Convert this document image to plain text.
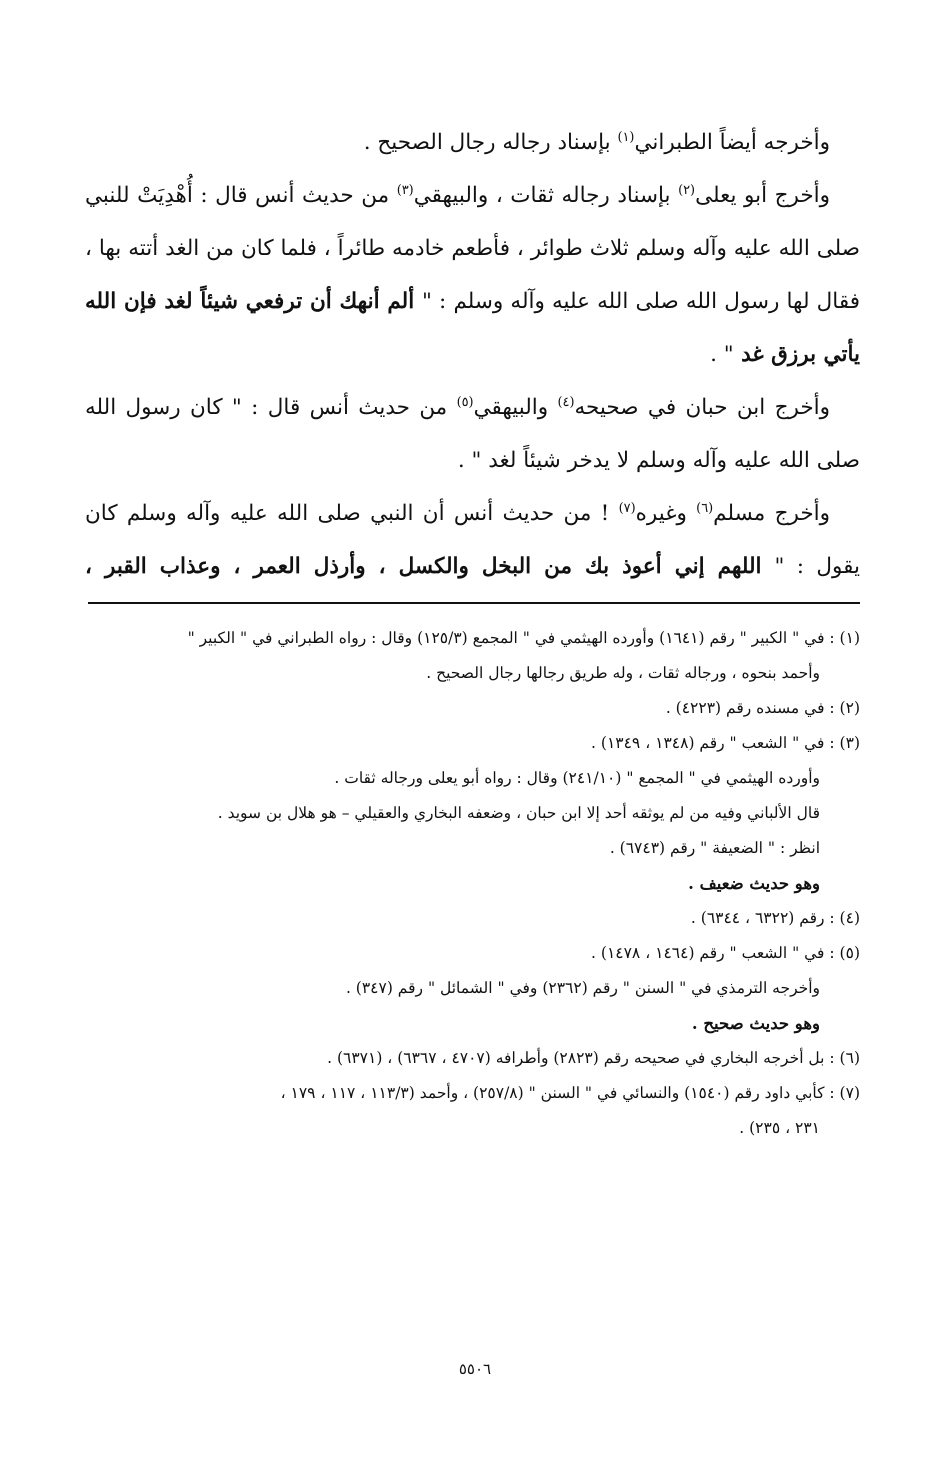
وأخرجه أيضاً الطبراني$^{(١)}$ بإسناد رجاله رجال الصحيح .

وأخرج أبو يعلى$^{(٢)}$ بإسناد رجاله ثقات ، والبيهقي$^{(٣)}$ من حديث أنس قال : أُهْدِيَتْ للنبي صلى الله عليه وآله وسلم ثلاث طوائر ، فأطعم خادمه طائراً ، فلما كان من الغد أتته بها ، فقال لها رسول الله صلى الله عليه وآله وسلم : " ألم أنهك أن ترفعي شيئاً لغد فإن الله يأتي برزق غد " .

وأخرج ابن حبان في صحيحه$^{(٤)}$ والبيهقي$^{(٥)}$ من حديث أنس قال : " كان رسول الله صلى الله عليه وآله وسلم لا يدخر شيئاً لغد " .

وأخرج مسلم$^{(٦)}$ وغيره$^{(٧)}$ ! من حديث أنس أن النبي صلى الله عليه وآله وسلم كان يقول : " اللهم إني أعوذ بك من البخل والكسل ، وأرذل العمر ، وعذاب القبر ،

(١) : في " الكبير " رقم (١٦٤١) وأورده الهيثمي في " المجمع (١٢٥/٣) وقال : رواه الطبراني في " الكبير "

وأحمد بنحوه ، ورجاله ثقات ، وله طريق رجالها رجال الصحيح .

(٢) : في مسنده رقم (٤٢٢٣) .

(٣) : في " الشعب " رقم (١٣٤٨ ، ١٣٤٩) .

وأورده الهيثمي في " المجمع " (٢٤١/١٠) وقال : رواه أبو يعلى ورجاله ثقات .

قال الألباني وفيه من لم يوثقه أحد إلا ابن حبان ، وضعفه البخاري والعقيلي – هو هلال بن سويد .

انظر : " الضعيفة " رقم (٦٧٤٣) .

وهو حديث ضعيف .

(٤) : رقم (٦٣٢٢ ، ٦٣٤٤) .

(٥) : في " الشعب " رقم (١٤٦٤ ، ١٤٧٨) .

وأخرجه الترمذي في " السنن " رقم (٢٣٦٢) وفي " الشمائل " رقم (٣٤٧) .

وهو حديث صحيح .

(٦) : بل أخرجه البخاري في صحيحه رقم (٢٨٢٣) وأطرافه (٤٧٠٧ ، ٦٣٦٧) ، (٦٣٧١) .

(٧) : كأبي داود رقم (١٥٤٠) والنسائي في " السنن " (٢٥٧/٨) ، وأحمد (١١٣/٣ ، ١١٧ ، ١٧٩ ،

٢٣١ ، ٢٣٥) .

٥٥٠٦
